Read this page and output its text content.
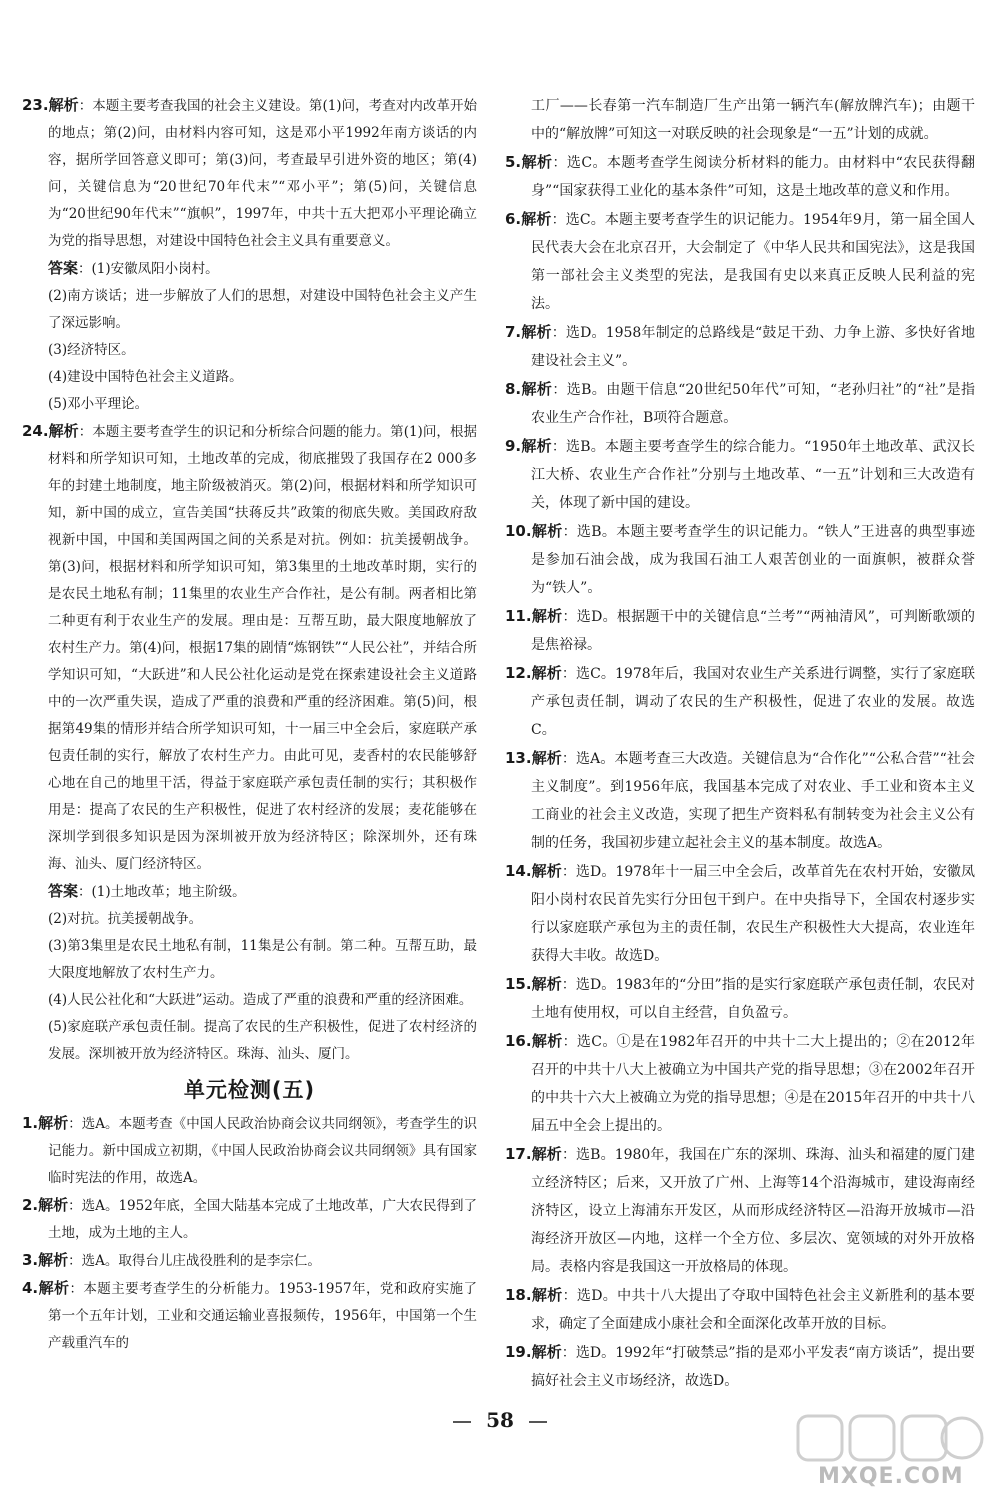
23.解析：本题主要考查我国的社会主义建设。第(1)问，考查对内改革开始的地点；第(2)问，由材料内容可知，这是邓小平1992年南方谈话的内容，据所学回答意义即可；第(3)问，考查最早引进外资的地区；第(4)问，关键信息为“20世纪70年代末”“邓小平”；第(5)问，关键信息为“20世纪90年代末”“旗帜”，1997年，中共十五大把邓小平理论确立为党的指导思想，对建设中国特色社会主义具有重要意义。

答案：(1)安徽凤阳小岗村。

(2)南方谈话；进一步解放了人们的思想，对建设中国特色社会主义产生了深远影响。

(3)经济特区。

(4)建设中国特色社会主义道路。

(5)邓小平理论。

24.解析：本题主要考查学生的识记和分析综合问题的能力。第(1)问，根据材料和所学知识可知，土地改革的完成，彻底摧毁了我国存在2 000多年的封建土地制度，地主阶级被消灭。第(2)问，根据材料和所学知识可知，新中国的成立，宣告美国“扶蒋反共”政策的彻底失败。美国政府敌视新中国，中国和美国两国之间的关系是对抗。例如：抗美援朝战争。第(3)问，根据材料和所学知识可知，第3集里的土地改革时期，实行的是农民土地私有制；11集里的农业生产合作社，是公有制。两者相比第二种更有利于农业生产的发展。理由是：互帮互助，最大限度地解放了农村生产力。第(4)问，根据17集的剧情“炼钢铁”“人民公社”，并结合所学知识可知，“大跃进”和人民公社化运动是党在探索建设社会主义道路中的一次严重失误，造成了严重的浪费和严重的经济困难。第(5)问，根据第49集的情形并结合所学知识可知，十一届三中全会后，家庭联产承包责任制的实行，解放了农村生产力。由此可见，麦香村的农民能够舒心地在自己的地里干活，得益于家庭联产承包责任制的实行；其积极作用是：提高了农民的生产积极性，促进了农村经济的发展；麦花能够在深圳学到很多知识是因为深圳被开放为经济特区；除深圳外，还有珠海、汕头、厦门经济特区。

答案：(1)土地改革；地主阶级。

(2)对抗。抗美援朝战争。

(3)第3集里是农民土地私有制，11集是公有制。第二种。互帮互助，最大限度地解放了农村生产力。

(4)人民公社化和“大跃进”运动。造成了严重的浪费和严重的经济困难。

(5)家庭联产承包责任制。提高了农民的生产积极性，促进了农村经济的发展。深圳被开放为经济特区。珠海、汕头、厦门。

单元检测(五)

1.解析：选A。本题考查《中国人民政治协商会议共同纲领》，考查学生的识记能力。新中国成立初期，《中国人民政治协商会议共同纲领》具有国家临时宪法的作用，故选A。

2.解析：选A。1952年底，全国大陆基本完成了土地改革，广大农民得到了土地，成为土地的主人。

3.解析：选A。取得台儿庄战役胜利的是李宗仁。

4.解析：本题主要考查学生的分析能力。1953-1957年，党和政府实施了第一个五年计划，工业和交通运输业喜报频传，1956年，中国第一个生产载重汽车的

工厂——长春第一汽车制造厂生产出第一辆汽车(解放牌汽车)；由题干中的“解放牌”可知这一对联反映的社会现象是“一五”计划的成就。

5.解析：选C。本题考查学生阅读分析材料的能力。由材料中“农民获得翻身”“国家获得工业化的基本条件”可知，这是土地改革的意义和作用。

6.解析：选C。本题主要考查学生的识记能力。1954年9月，第一届全国人民代表大会在北京召开，大会制定了《中华人民共和国宪法》，这是我国第一部社会主义类型的宪法，是我国有史以来真正反映人民利益的宪法。

7.解析：选D。1958年制定的总路线是“鼓足干劲、力争上游、多快好省地建设社会主义”。

8.解析：选B。由题干信息“20世纪50年代”可知，“老孙归社”的“社”是指农业生产合作社，B项符合题意。

9.解析：选B。本题主要考查学生的综合能力。“1950年土地改革、武汉长江大桥、农业生产合作社”分别与土地改革、“一五”计划和三大改造有关，体现了新中国的建设。

10.解析：选B。本题主要考查学生的识记能力。“铁人”王进喜的典型事迹是参加石油会战，成为我国石油工人艰苦创业的一面旗帜，被群众誉为“铁人”。

11.解析：选D。根据题干中的关键信息“兰考”“两袖清风”，可判断歌颂的是焦裕禄。

12.解析：选C。1978年后，我国对农业生产关系进行调整，实行了家庭联产承包责任制，调动了农民的生产积极性，促进了农业的发展。故选C。

13.解析：选A。本题考查三大改造。关键信息为“合作化”“公私合营”“社会主义制度”。到1956年底，我国基本完成了对农业、手工业和资本主义工商业的社会主义改造，实现了把生产资料私有制转变为社会主义公有制的任务，我国初步建立起社会主义的基本制度。故选A。

14.解析：选D。1978年十一届三中全会后，改革首先在农村开始，安徽凤阳小岗村农民首先实行分田包干到户。在中央指导下，全国农村逐步实行以家庭联产承包为主的责任制，农民生产积极性大大提高，农业连年获得大丰收。故选D。

15.解析：选D。1983年的“分田”指的是实行家庭联产承包责任制，农民对土地有使用权，可以自主经营，自负盈亏。

16.解析：选C。①是在1982年召开的中共十二大上提出的；②在2012年召开的中共十八大上被确立为中国共产党的指导思想；③在2002年召开的中共十六大上被确立为党的指导思想；④是在2015年召开的中共十八届五中全会上提出的。

17.解析：选B。1980年，我国在广东的深圳、珠海、汕头和福建的厦门建立经济特区；后来，又开放了广州、上海等14个沿海城市，建设海南经济特区，设立上海浦东开发区，从而形成经济特区—沿海开放城市—沿海经济开放区—内地，这样一个全方位、多层次、宽领域的对外开放格局。表格内容是我国这一开放格局的体现。

18.解析：选D。中共十八大提出了夺取中国特色社会主义新胜利的基本要求，确定了全面建成小康社会和全面深化改革开放的目标。

19.解析：选D。1992年“打破禁忌”指的是邓小平发表“南方谈话”，提出要搞好社会主义市场经济，故选D。

58
MXQE.COM
